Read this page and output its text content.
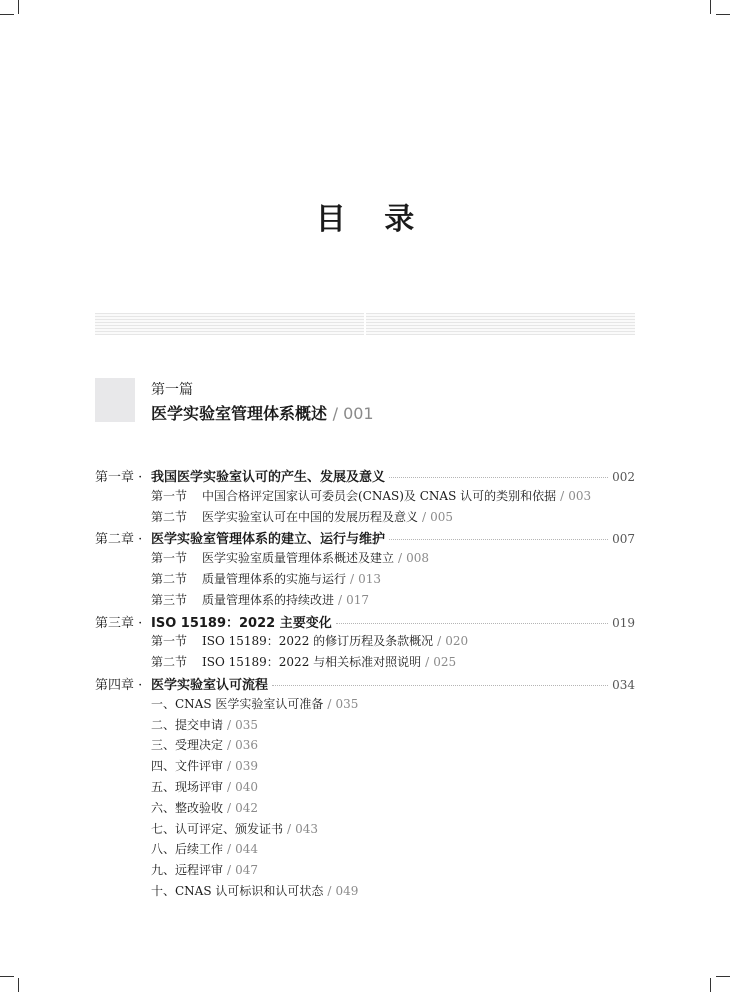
目 录
第一篇
医学实验室管理体系概述 / 001
第一章 · 我国医学实验室认可的产生、发展及意义	002
第一节	中国合格评定国家认可委员会(CNAS)及 CNAS 认可的类别和依据 / 003
第二节	医学实验室认可在中国的发展历程及意义 / 005
第二章 · 医学实验室管理体系的建立、运行与维护	007
第一节	医学实验室质量管理体系概述及建立 / 008
第二节	质量管理体系的实施与运行 / 013
第三节	质量管理体系的持续改进 / 017
第三章 · ISO 15189：2022 主要变化	019
第一节	ISO 15189：2022 的修订历程及条款概况 / 020
第二节	ISO 15189：2022 与相关标准对照说明 / 025
第四章 · 医学实验室认可流程	034
一、CNAS 医学实验室认可准备 / 035
二、提交申请 / 035
三、受理决定 / 036
四、文件评审 / 039
五、现场评审 / 040
六、整改验收 / 042
七、认可评定、颁发证书 / 043
八、后续工作 / 044
九、远程评审 / 047
十、CNAS 认可标识和认可状态 / 049
